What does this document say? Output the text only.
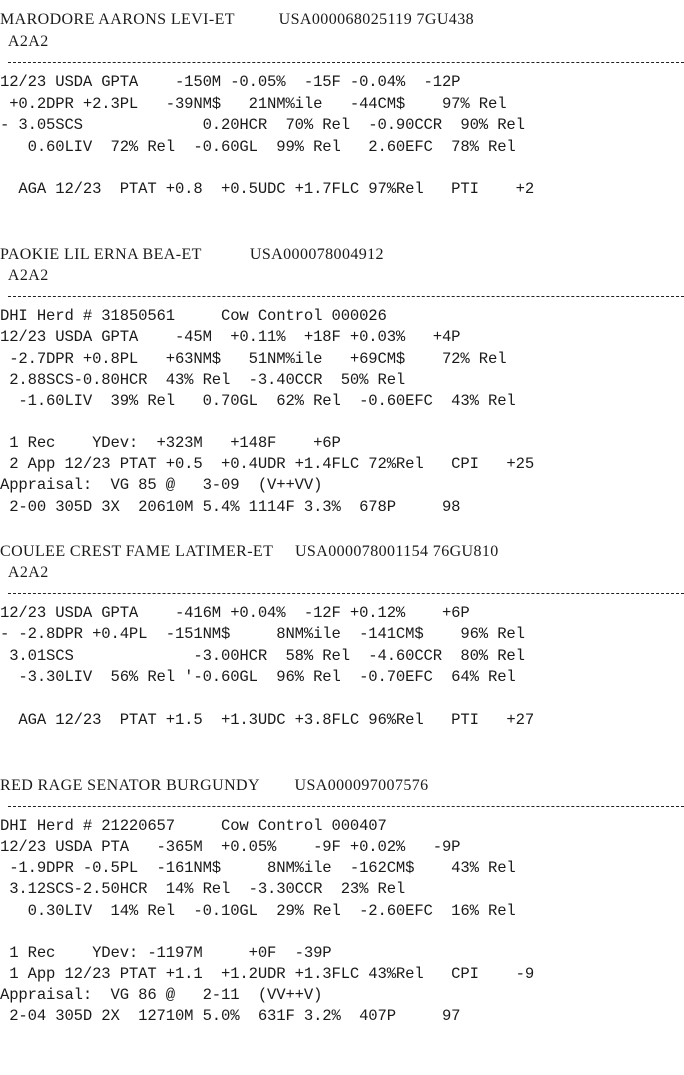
MARODORE AARONS LEVI-ET          USA000068025119 7GU438
A2A2
12/23 USDA GPTA    -150M -0.05%  -15F -0.04%  -12P
+0.2DPR +2.3PL   -39NM$   21NM%ile   -44CM$    97% Rel
- 3.05SCS             0.20HCR  70% Rel  -0.90CCR  90% Rel
0.60LIV  72% Rel  -0.60GL  99% Rel   2.60EFC  78% Rel
AGA 12/23  PTAT +0.8  +0.5UDC +1.7FLC 97%Rel   PTI    +2
PAOKIE LIL ERNA BEA-ET           USA000078004912
A2A2
DHI Herd # 31850561     Cow Control 000026
12/23 USDA GPTA    -45M  +0.11%  +18F +0.03%   +4P
-2.7DPR +0.8PL   +63NM$   51NM%ile   +69CM$    72% Rel
2.88SCS-0.80HCR  43% Rel  -3.40CCR  50% Rel
-1.60LIV  39% Rel   0.70GL  62% Rel  -0.60EFC  43% Rel
1 Rec    YDev:  +323M   +148F    +6P
2 App 12/23 PTAT +0.5  +0.4UDR +1.4FLC 72%Rel   CPI   +25
Appraisal:  VG 85 @   3-09  (V++VV)
2-00 305D 3X  20610M 5.4% 1114F 3.3%  678P     98
COULEE CREST FAME LATIMER-ET     USA000078001154 76GU810
A2A2
12/23 USDA GPTA    -416M +0.04%  -12F +0.12%    +6P
- -2.8DPR +0.4PL  -151NM$     8NM%ile  -141CM$    96% Rel
3.01SCS             -3.00HCR  58% Rel  -4.60CCR  80% Rel
-3.30LIV  56% Rel '-0.60GL  96% Rel  -0.70EFC  64% Rel
AGA 12/23  PTAT +1.5  +1.3UDC +3.8FLC 96%Rel   PTI   +27
RED RAGE SENATOR BURGUNDY        USA000097007576
DHI Herd # 21220657     Cow Control 000407
12/23 USDA PTA   -365M  +0.05%    -9F +0.02%   -9P
-1.9DPR -0.5PL  -161NM$     8NM%ile  -162CM$    43% Rel
3.12SCS-2.50HCR  14% Rel  -3.30CCR  23% Rel
0.30LIV  14% Rel  -0.10GL  29% Rel  -2.60EFC  16% Rel
1 Rec    YDev: -1197M     +0F  -39P
1 App 12/23 PTAT +1.1  +1.2UDR +1.3FLC 43%Rel   CPI    -9
Appraisal:  VG 86 @   2-11  (VV++V)
2-04 305D 2X  12710M 5.0%  631F 3.2%  407P     97
